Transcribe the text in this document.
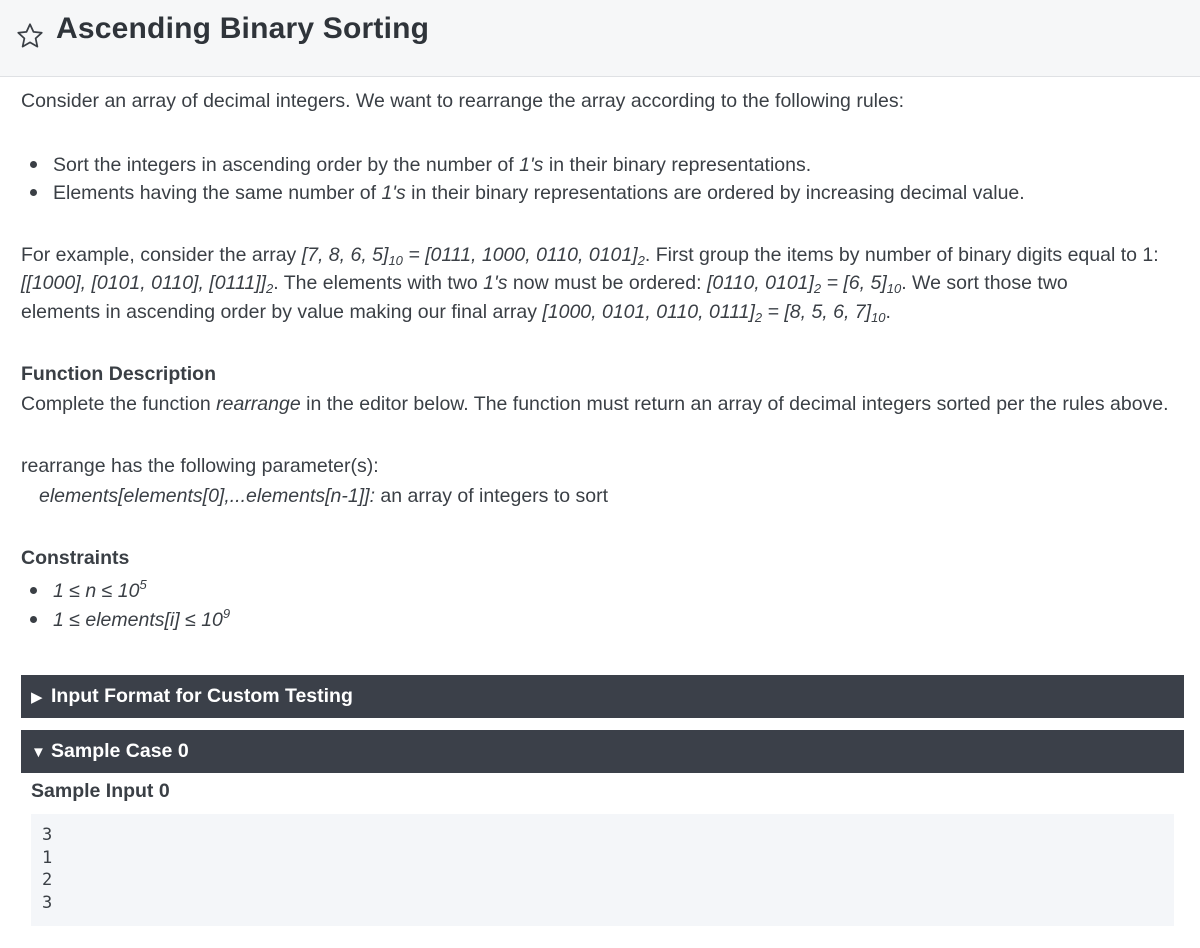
Ascending Binary Sorting
Consider an array of decimal integers. We want to rearrange the array according to the following rules:
Sort the integers in ascending order by the number of 1's in their binary representations.
Elements having the same number of 1's in their binary representations are ordered by increasing decimal value.
For example, consider the array [7, 8, 6, $5]_{10} = [0111$, 1000, 0110, $0101]_2$. First group the items by number of binary digits equal to 1:
[[1000], [0101, 0110], $[0111]]_2$. The elements with two 1's now must be ordered: [0110, $0101]_2 = [6$, $5]_{10}$. We sort those two
elements in ascending order by value making our final array [1000, 0101, 0110, $0111]_2 = [8$, 5, 6, $7]_{10}$.
Function Description
Complete the function rearrange in the editor below. The function must return an array of decimal integers sorted per the rules above.
rearrange has the following parameter(s):
elements[elements[0],...elements[n-1]]: an array of integers to sort
Constraints
$1 \le n \le 10^5$
1 ≤ elements[i] ≤ $10^9$
▶ Input Format for Custom Testing
▼ Sample Case 0
Sample Input 0
3
1
2
3
